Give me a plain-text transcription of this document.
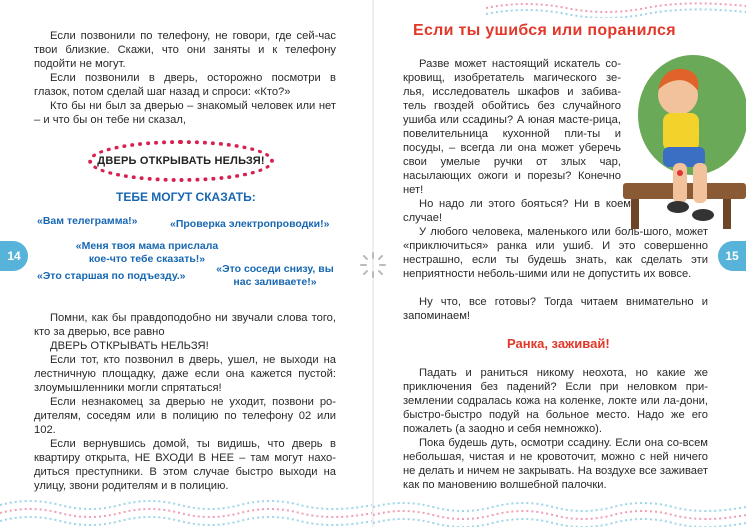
Если позвонили по телефону, не говори, где сей-час твои близкие. Скажи, что они заняты и к телефону подойти не могут.

Если позвонили в дверь, осторожно посмотри в глазок, потом сделай шаг назад и спроси: «Кто?»

Кто бы ни был за дверью – знакомый человек или нет – и что бы он тебе ни сказал,

ДВЕРЬ ОТКРЫВАТЬ НЕЛЬЗЯ!
ТЕБЕ МОГУТ СКАЗАТЬ:
«Вам телеграмма!»	«Проверка электропроводки!»
«Меня твоя мама прислала кое-что тебе сказать!»
«Это старшая по подъезду.»
«Это соседи снизу, вы нас заливаете!»

Помни, как бы правдоподобно ни звучали слова того, кто за дверью, все равно

ДВЕРЬ ОТКРЫВАТЬ НЕЛЬЗЯ!

Если тот, кто позвонил в дверь, ушел, не выходи на лестничную площадку, даже если она кажется пустой: злоумышленники могли спрятаться!

Если незнакомец за дверью не уходит, позвони ро-дителям, соседям или в полицию по телефону 02 или 102.

Если вернувшись домой, ты видишь, что дверь в квартиру открыта, НЕ ВХОДИ В НЕЕ – там могут нахо-диться преступники. В этом случае быстро выходи на улицу, звони родителям и в полицию.

14
Если ты ушибся или поранился

Разве может настоящий искатель со-кровищ, изобретатель магического зе-лья, исследователь шкафов и забива-тель гвоздей обойтись без случайного ушиба или ссадины? А юная масте-рица, повелительница кухонной пли-ты и посуды, – всегда ли она может уберечь свои умелые ручки от злых чар, насылающих ожоги и порезы? Конечно нет!

Но надо ли этого бояться? Ни в коем случае!

У любого человека, маленького или боль-шого, может «приключиться» ранка или ушиб. И это совершенно нестрашно, если ты будешь знать, как сделать эти неприятности неболь-шими или не допустить их вовсе.

Ну что, все готовы? Тогда читаем внимательно и запоминаем!

Ранка, заживай!

Падать и раниться никому неохота, но какие же приключения без падений? Если при неловком при-землении содралась кожа на коленке, локте или ла-дони, быстро-быстро подуй на больное место. Надо же его пожалеть (а заодно и себя немножко).

Пока будешь дуть, осмотри ссадину. Если она со-всем небольшая, чистая и не кровоточит, можно с ней ничего не делать и ничем не закрывать. На воздухе все заживает как по мановению волшебной палочки.

15
